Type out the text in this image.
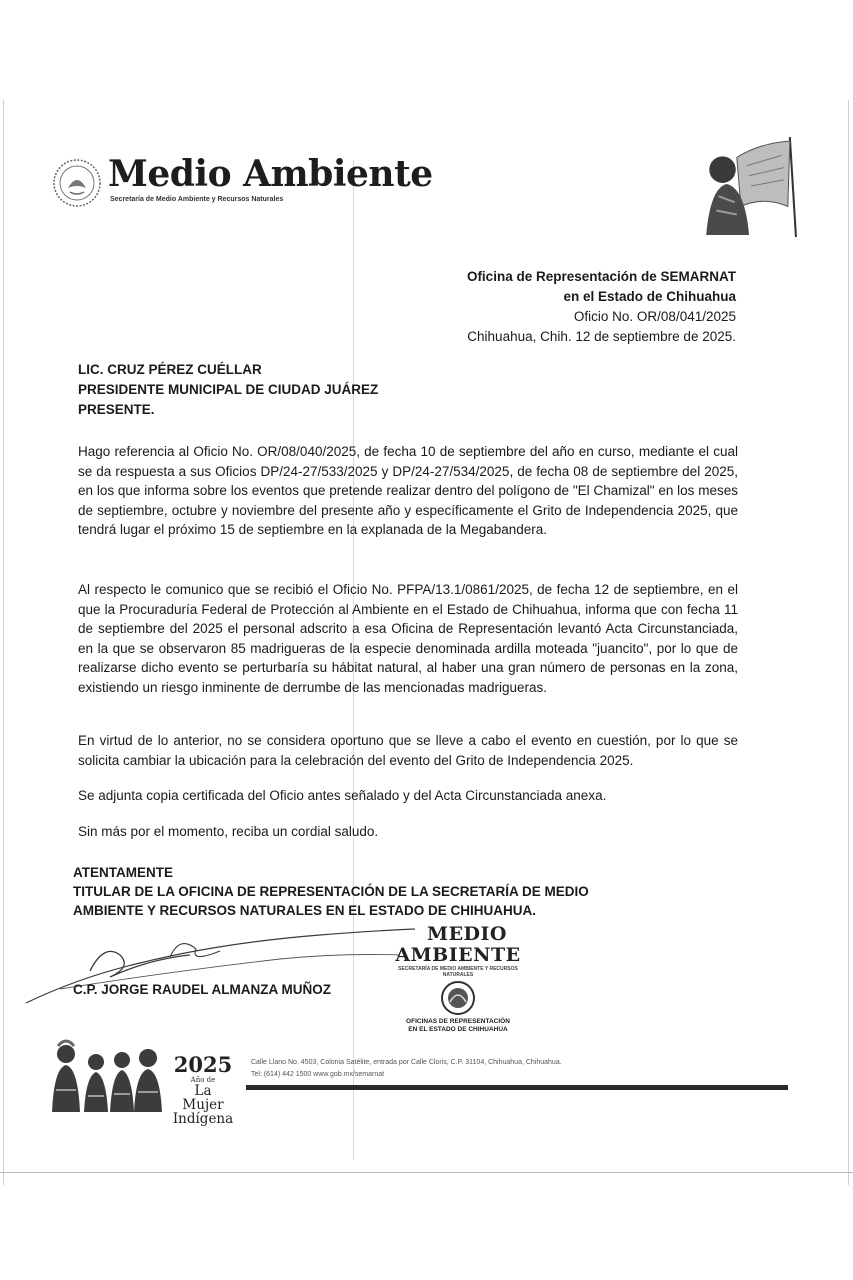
Medio Ambiente
Secretaría de Medio Ambiente y Recursos Naturales
Oficina de Representación de SEMARNAT
en el Estado de Chihuahua
Oficio No. OR/08/041/2025
Chihuahua, Chih. 12 de septiembre de 2025.
LIC. CRUZ PÉREZ CUÉLLAR
PRESIDENTE MUNICIPAL DE CIUDAD JUÁREZ
PRESENTE.
Hago referencia al Oficio No. OR/08/040/2025, de fecha 10 de septiembre del año en curso, mediante el cual se da respuesta a sus Oficios DP/24-27/533/2025 y DP/24-27/534/2025, de fecha 08 de septiembre del 2025, en los que informa sobre los eventos que pretende realizar dentro del polígono de "El Chamizal" en los meses de septiembre, octubre y noviembre del presente año y específicamente el Grito de Independencia 2025, que tendrá lugar el próximo 15 de septiembre en la explanada de la Megabandera.
Al respecto le comunico que se recibió el Oficio No. PFPA/13.1/0861/2025, de fecha 12 de septiembre, en el que la Procuraduría Federal de Protección al Ambiente en el Estado de Chihuahua, informa que con fecha 11 de septiembre del 2025 el personal adscrito a esa Oficina de Representación levantó Acta Circunstanciada, en la que se observaron 85 madrigueras de la especie denominada ardilla moteada "juancito", por lo que de realizarse dicho evento se perturbaría su hábitat natural, al haber una gran número de personas en la zona, existiendo un riesgo inminente de derrumbe de las mencionadas madrigueras.
En virtud de lo anterior, no se considera oportuno que se lleve a cabo el evento en cuestión, por lo que se solicita cambiar la ubicación para la celebración del evento del Grito de Independencia 2025.
Se adjunta copia certificada del Oficio antes señalado y del Acta Circunstanciada anexa.
Sin más por el momento, reciba un cordial saludo.
ATENTAMENTE
TITULAR DE LA OFICINA DE REPRESENTACIÓN DE LA SECRETARÍA DE MEDIO AMBIENTE Y RECURSOS NATURALES EN EL ESTADO DE CHIHUAHUA.
C.P. JORGE RAUDEL ALMANZA MUÑOZ
MEDIO
AMBIENTE
SECRETARÍA DE MEDIO AMBIENTE Y RECURSOS NATURALES
OFICINAS DE REPRESENTACIÓN
EN EL ESTADO DE CHIHUAHUA
2025
Año de
La Mujer
Indígena
Calle Llano No. 4503, Colonia Satélite, entrada por Calle Cloris, C.P. 31104, Chihuahua, Chihuahua.
Tel: (614) 442 1500 www.gob.mx/semarnat
